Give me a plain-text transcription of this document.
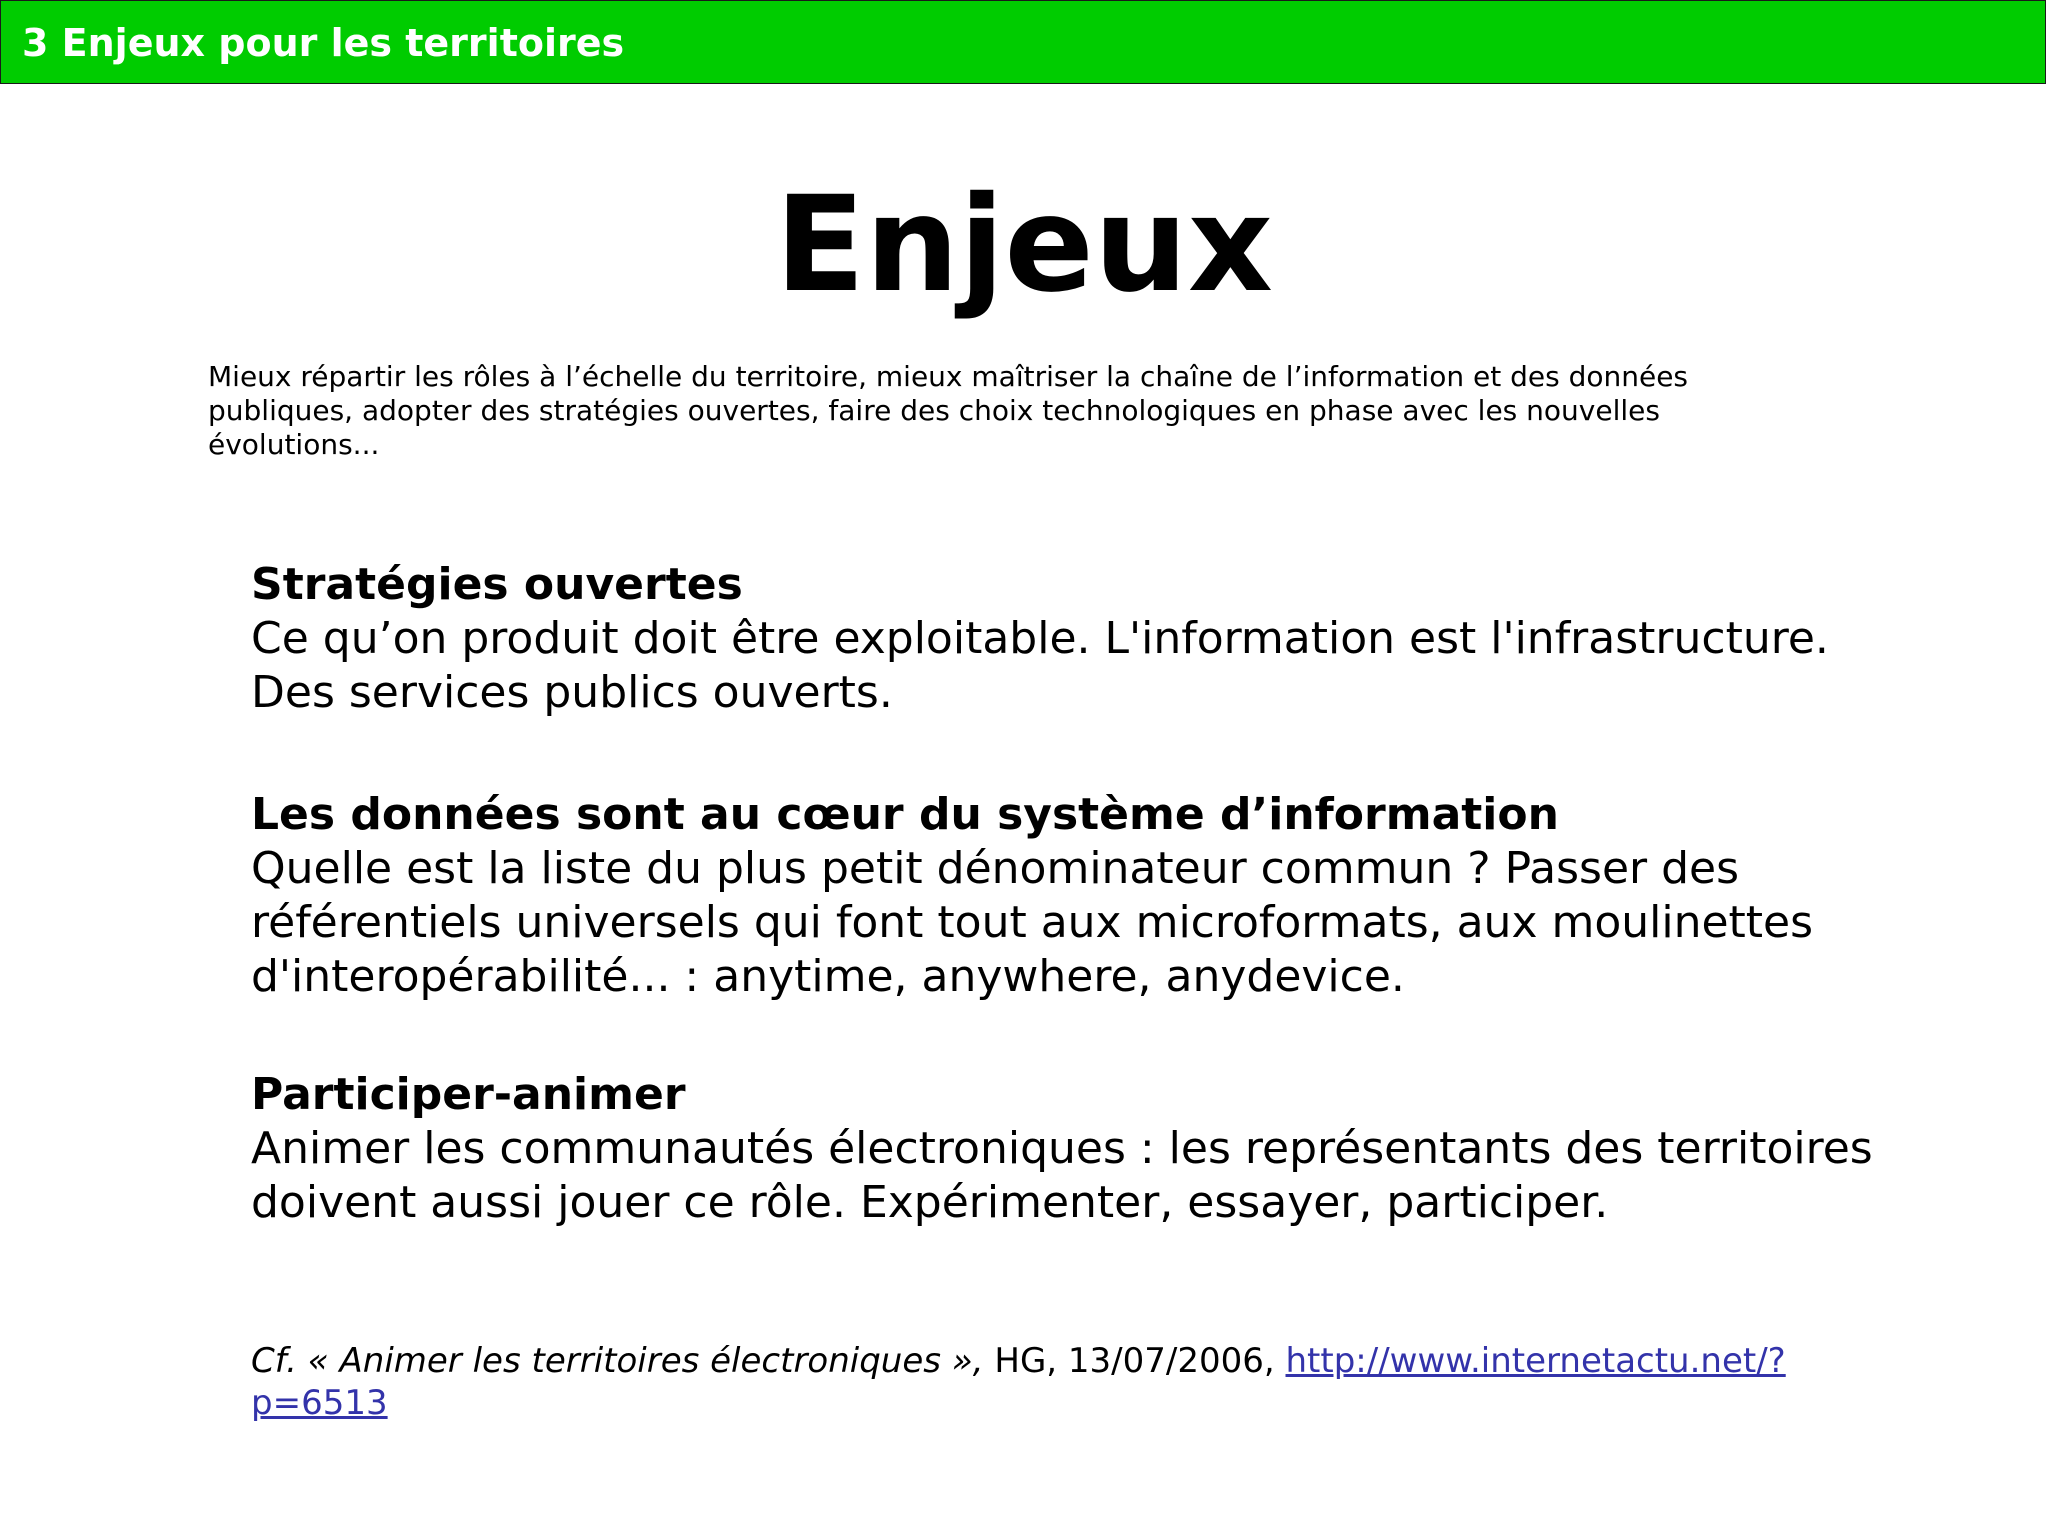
3 Enjeux pour les territoires
Enjeux

Mieux répartir les rôles à l’échelle du territoire, mieux maîtriser la chaîne de l’information et des données publiques, adopter des stratégies ouvertes, faire des choix technologiques en phase avec les nouvelles évolutions...

Stratégies ouvertes
Ce qu’on produit doit être exploitable. L'information est l'infrastructure. Des services publics ouverts.
Les données sont au cœur du système d’information
Quelle est la liste du plus petit dénominateur commun ? Passer des référentiels universels qui font tout aux microformats, aux moulinettes d'interopérabilité... : anytime, anywhere, anydevice.
Participer-animer
Animer les communautés électroniques : les représentants des territoires doivent aussi jouer ce rôle. Expérimenter, essayer, participer.

Cf. « Animer les territoires électroniques », HG, 13/07/2006, http://www.internetactu.net/?p=6513
